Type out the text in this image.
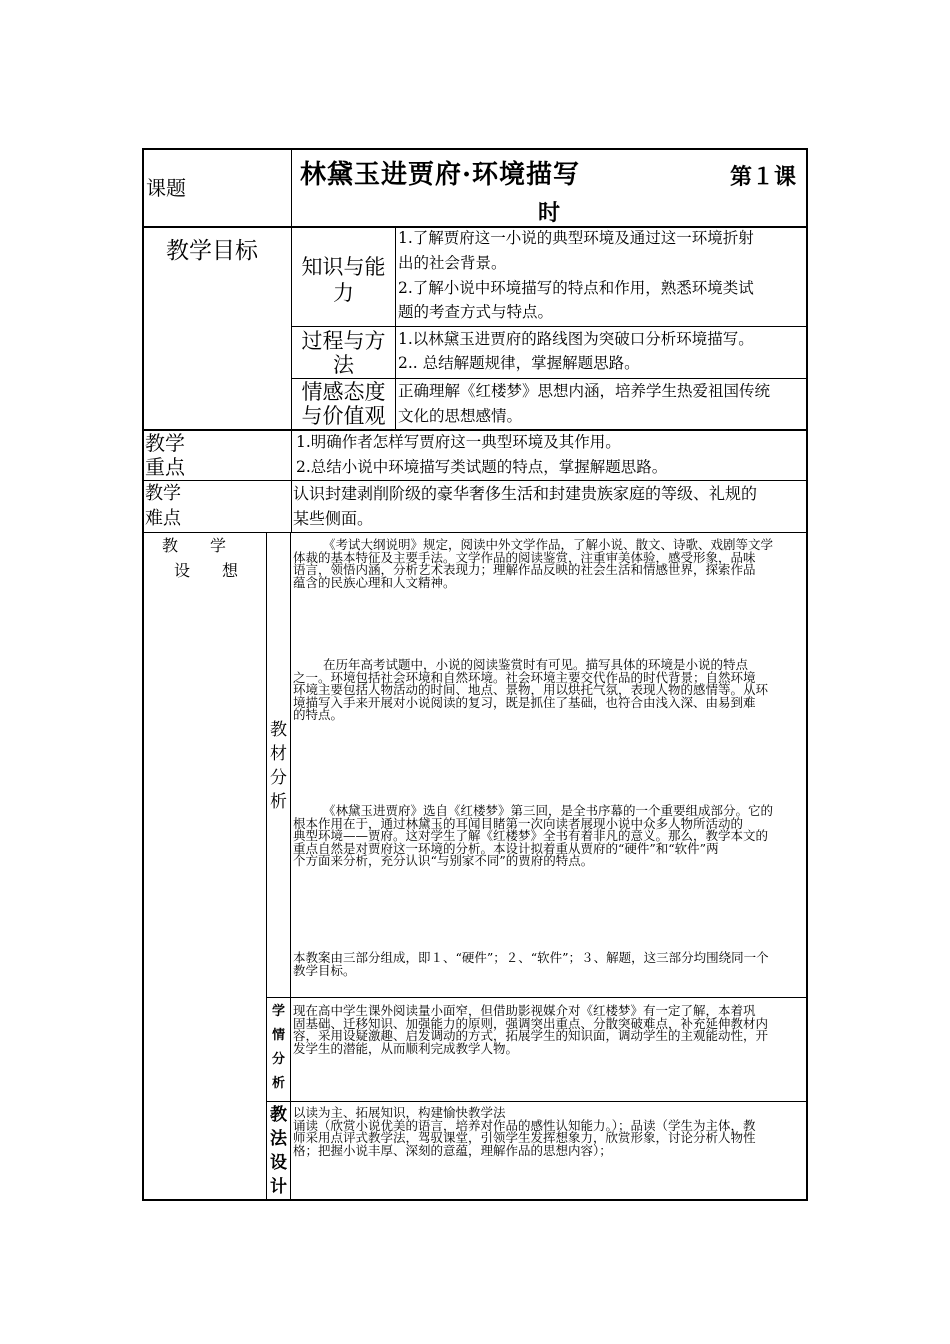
课题	林黛玉进贾府·环境描写	第１课
时
教学目标
知识与能力
1.了解贾府这一小说的典型环境及通过这一环境折射
出的社会背景。
2.了解小说中环境描写的特点和作用，熟悉环境类试
题的考查方式与特点。
过程与方法
1.以林黛玉进贾府的路线图为突破口分析环境描写。
2.. 总结解题规律，掌握解题思路。
情感态度与价值观
正确理解《红楼梦》思想内涵，培养学生热爱祖国传统
文化的思想感情。
教学
重点
1.明确作者怎样写贾府这一典型环境及其作用。
2.总结小说中环境描写类试题的特点，掌握解题思路。
教学
难点
认识封建剥削阶级的豪华奢侈生活和封建贵族家庭的等级、礼规的
某些侧面。
教　　学
设　　想
教材分析
《考试大纲说明》规定，阅读中外文学作品，了解小说、散文、诗歌、戏剧等文学
体裁的基本特征及主要手法。文学作品的阅读鉴赏，注重审美体验，感受形象，品味
语言，领悟内涵，分析艺术表现力；理解作品反映的社会生活和情感世界，探索作品
蕴含的民族心理和人文精神。
在历年高考试题中，小说的阅读鉴赏时有可见。描写具体的环境是小说的特点
之一。环境包括社会环境和自然环境。社会环境主要交代作品的时代背景；自然环境
环境主要包括人物活动的时间、地点、景物，用以烘托气氛，表现人物的感情等。从环
境描写入手来开展对小说阅读的复习，既是抓住了基础，也符合由浅入深、由易到难
的特点。
《林黛玉进贾府》选自《红楼梦》第三回，是全书序幕的一个重要组成部分。它的
根本作用在于，通过林黛玉的耳闻目睹第一次向读者展现小说中众多人物所活动的
典型环境——贾府。这对学生了解《红楼梦》全书有着非凡的意义。那么，教学本文的
重点自然是对贾府这一环境的分析。本设计拟着重从贾府的“硬件”和“软件”两
个方面来分析，充分认识“与别家不同”的贾府的特点。
本教案由三部分组成，即１、“硬件”；２、“软件”；３、解题，这三部分均围绕同一个
教学目标。
学情分析
现在高中学生课外阅读量小面窄，但借助影视媒介对《红楼梦》有一定了解，本着巩
固基础、迁移知识、加强能力的原则，强调突出重点、分散突破难点，补充延伸教材内
容，采用设疑激趣、启发调动的方式，拓展学生的知识面，调动学生的主观能动性，开
发学生的潜能，从而顺利完成教学人物。
教法设计
以读为主、拓展知识，构建愉快教学法
诵读（欣赏小说优美的语言，培养对作品的感性认知能力。）；品读（学生为主体，教
师采用点评式教学法，驾驭课堂，引领学生发挥想象力，欣赏形象，讨论分析人物性
格；把握小说丰厚、深刻的意蕴，理解作品的思想内容）；
